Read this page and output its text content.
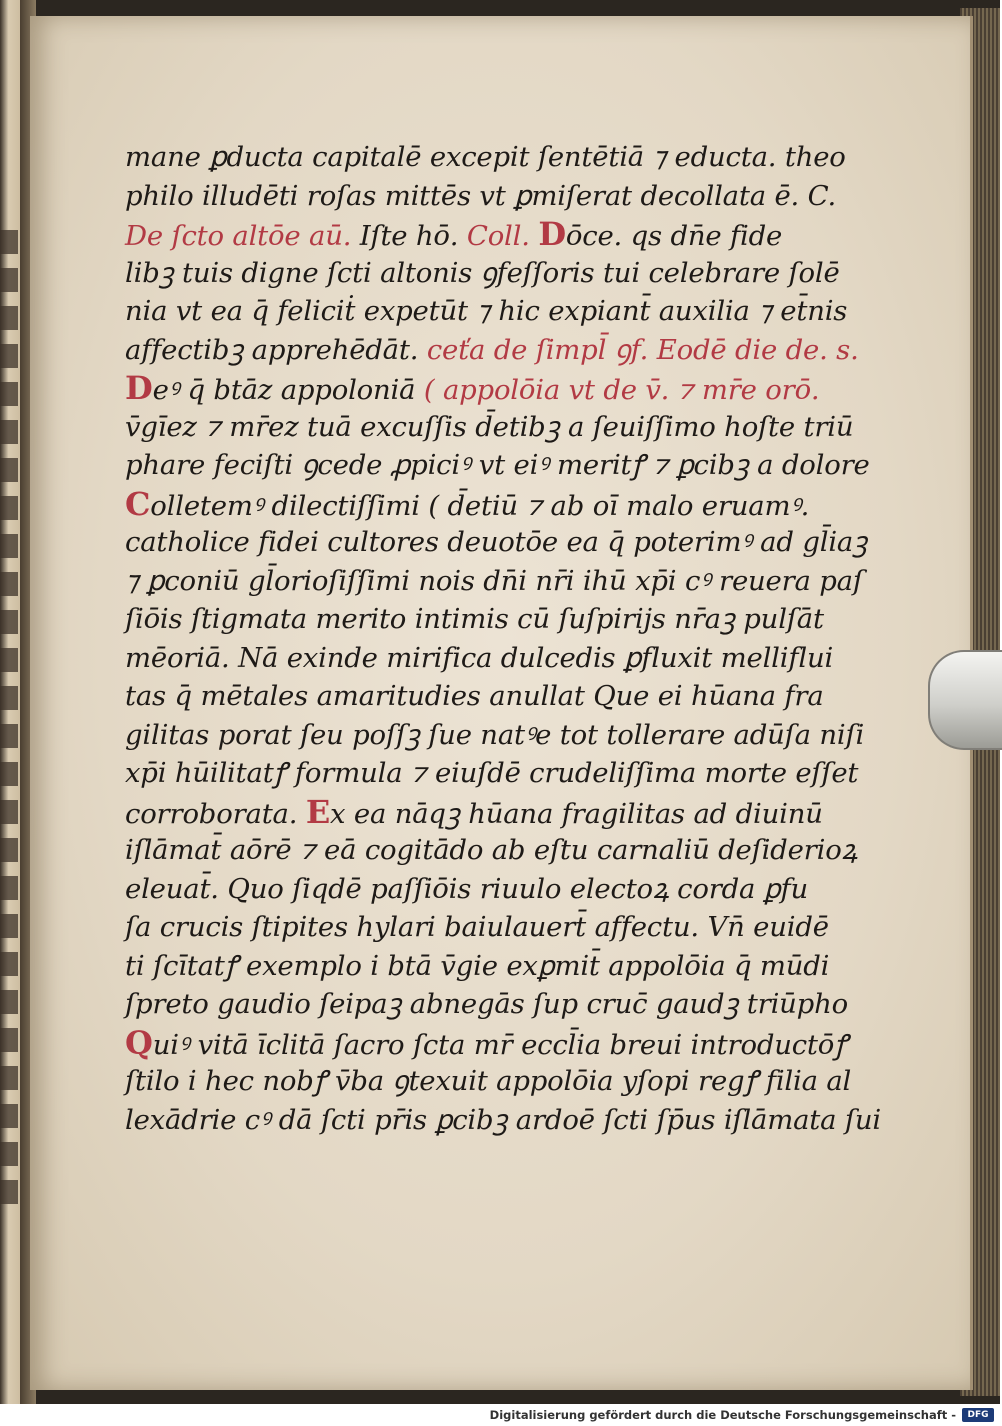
mane ꝑducta capitalē excepit ſentētiā ⁊ educta. theo
philo illudēti roſas mittēs vt ꝑmiſerat decollata ē. C.
De ſcto altōe aū. Iſte hō. Coll. Dōce. qs dn̄e fide
libꝫ tuis digne ſcti altonis ꝯfeſſoris tui celebrare ſolē
nia vt ea q̄ feliciṫ expetūt ⁊ hic expiant̄ auxilia ⁊ et̄nis
affectibꝫ apprehēdāt. ceťa de ſimpl̄ ꝯf. Eodē die de. s.
Deꝰ q̄ btāz appoloniā ( appolōia vt de v̄. ⁊ mr̄e orō.
v̄gīez ⁊ mr̄ez tuā excuſſis d̄etibꝫ a ſeuiſſimo hoſte triū
phare feciſti ꝯcede ꝓpiciꝰ vt eiꝰ meritꝭ ⁊ ꝑcibꝫ a dolore
Colletemꝰ dilectiſſimi ( d̄etiū ⁊ ab oī malo eruamꝰ.
catholice fidei cultores deuotōe ea q̄ poterimꝰ ad gl̄iaꝫ
⁊ ꝑconiū gl̄orioſiſſimi nois dn̄i nr̄i ihū xp̄i cꝰ reuera paſ
ſiōis ſtigmata merito intimis cū ſuſpirijs nr̄aꝫ pulſāt
mēoriā. Nā exinde mirifica dulcedis ꝑfluxit melliflui
tas q̄ mētales amaritudies anullat Que ei hūana fra
gilitas porat ſeu poſſꝫ ſue natꝰe tot tollerare adūſa niſi
xp̄i hūilitatꝭ formula ⁊ eiuſdē crudeliſſima morte eſſet
corroborata. Ex ea nāqꝫ hūana fragilitas ad diuinū
iſlāmat̄ aōrē ⁊ eā cogitādo ab eſtu carnaliū deſiderioꝝ
eleuat̄. Quo ſiqdē paſſiōis riuulo electoꝝ corda ꝑfu
ſa crucis ſtipites hylari baiulauert̄ affectu. Vn̄ euidē
ti ſcītatꝭ exemplo i btā v̄gie exꝑmit̄ appolōia q̄ mūdi
ſpreto gaudio ſeipaꝫ abnegās ſup cruc̄ gaudꝫ triūpho
Quiꝰ vitā īclitā ſacro ſcta mr̄ eccl̄ia breui introductōꝭ
ſtilo i hec nobꝭ v̄ba ꝯtexuit appolōia yſopi regꝭ filia al
lexādrie cꝰ dā ſcti pr̄is ꝑcibꝫ ardoē ſcti ſp̄us iſlāmata ſui
Digitalisierung gefördert durch die Deutsche Forschungsgemeinschaft -	DFG
